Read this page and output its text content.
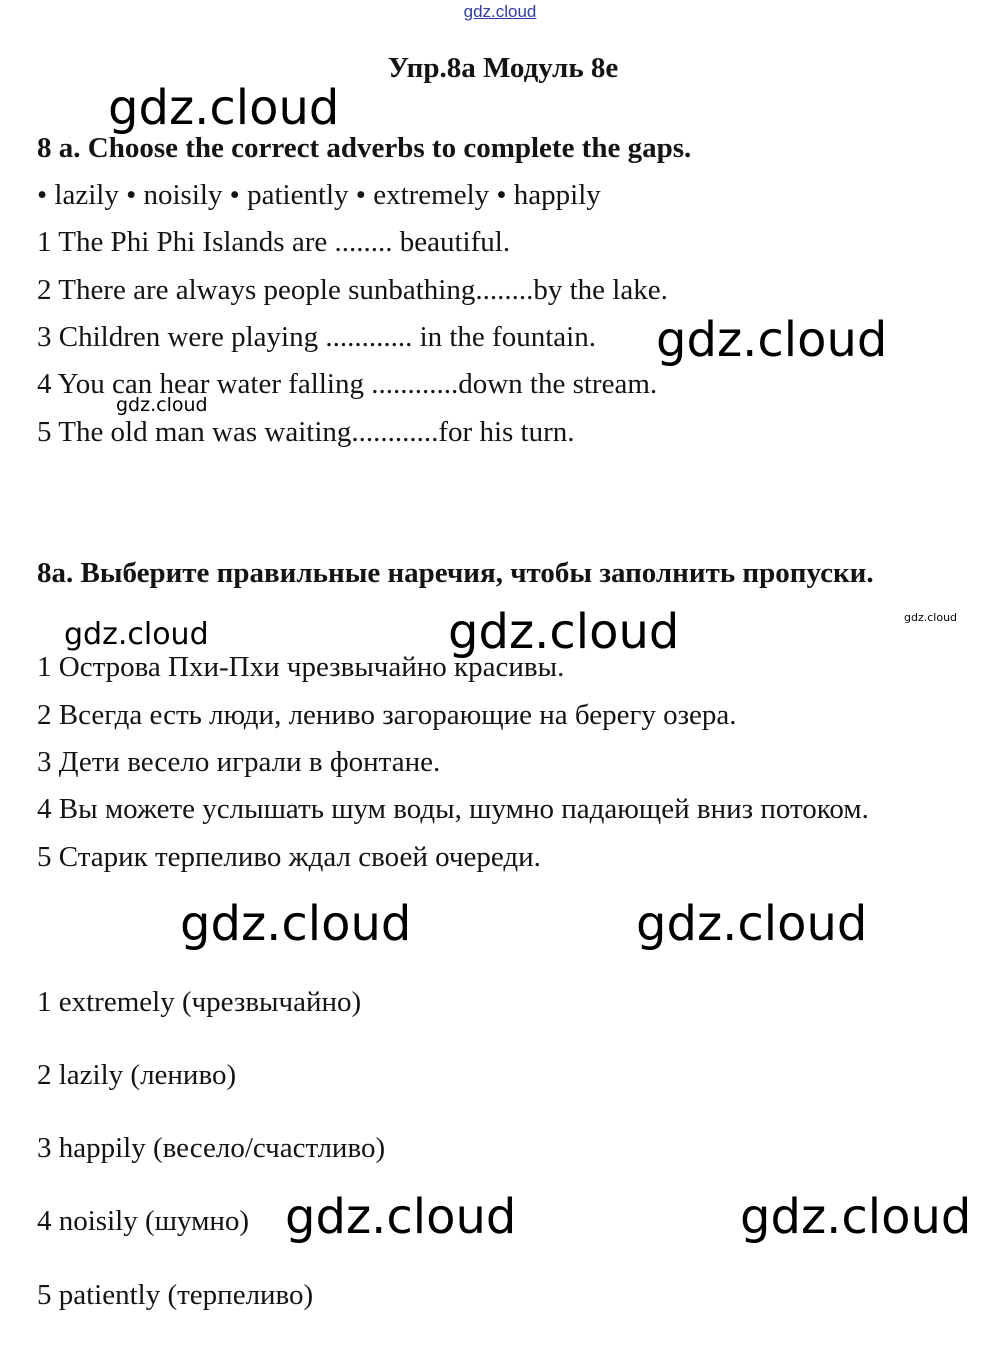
gdz.cloud
Упр.8а Модуль 8е
8 a. Choose the correct adverbs to complete the gaps.
• lazily • noisily • patiently • extremely • happily
1 The Phi Phi Islands are ........ beautiful.
2 There are always people sunbathing........by the lake.
3 Children were playing ............ in the fountain.
4 You can hear water falling ............down the stream.
5 The old man was waiting............for his turn.
8а. Выберите правильные наречия, чтобы заполнить пропуски.
1 Острова Пхи-Пхи чрезвычайно красивы.
2 Всегда есть люди, лениво загорающие на берегу озера.
3 Дети весело играли в фонтане.
4 Вы можете услышать шум воды, шумно падающей вниз потоком.
5 Старик терпеливо ждал своей очереди.
1 extremely (чрезвычайно)
2 lazily (лениво)
3 happily (весело/счастливо)
4 noisily (шумно)
5 patiently (терпеливо)
gdz.cloud
gdz.cloud
gdz.cloud
gdz.cloud	gdz.cloud	gdz.cloud
gdz.cloud	gdz.cloud
gdz.cloud	gdz.cloud
